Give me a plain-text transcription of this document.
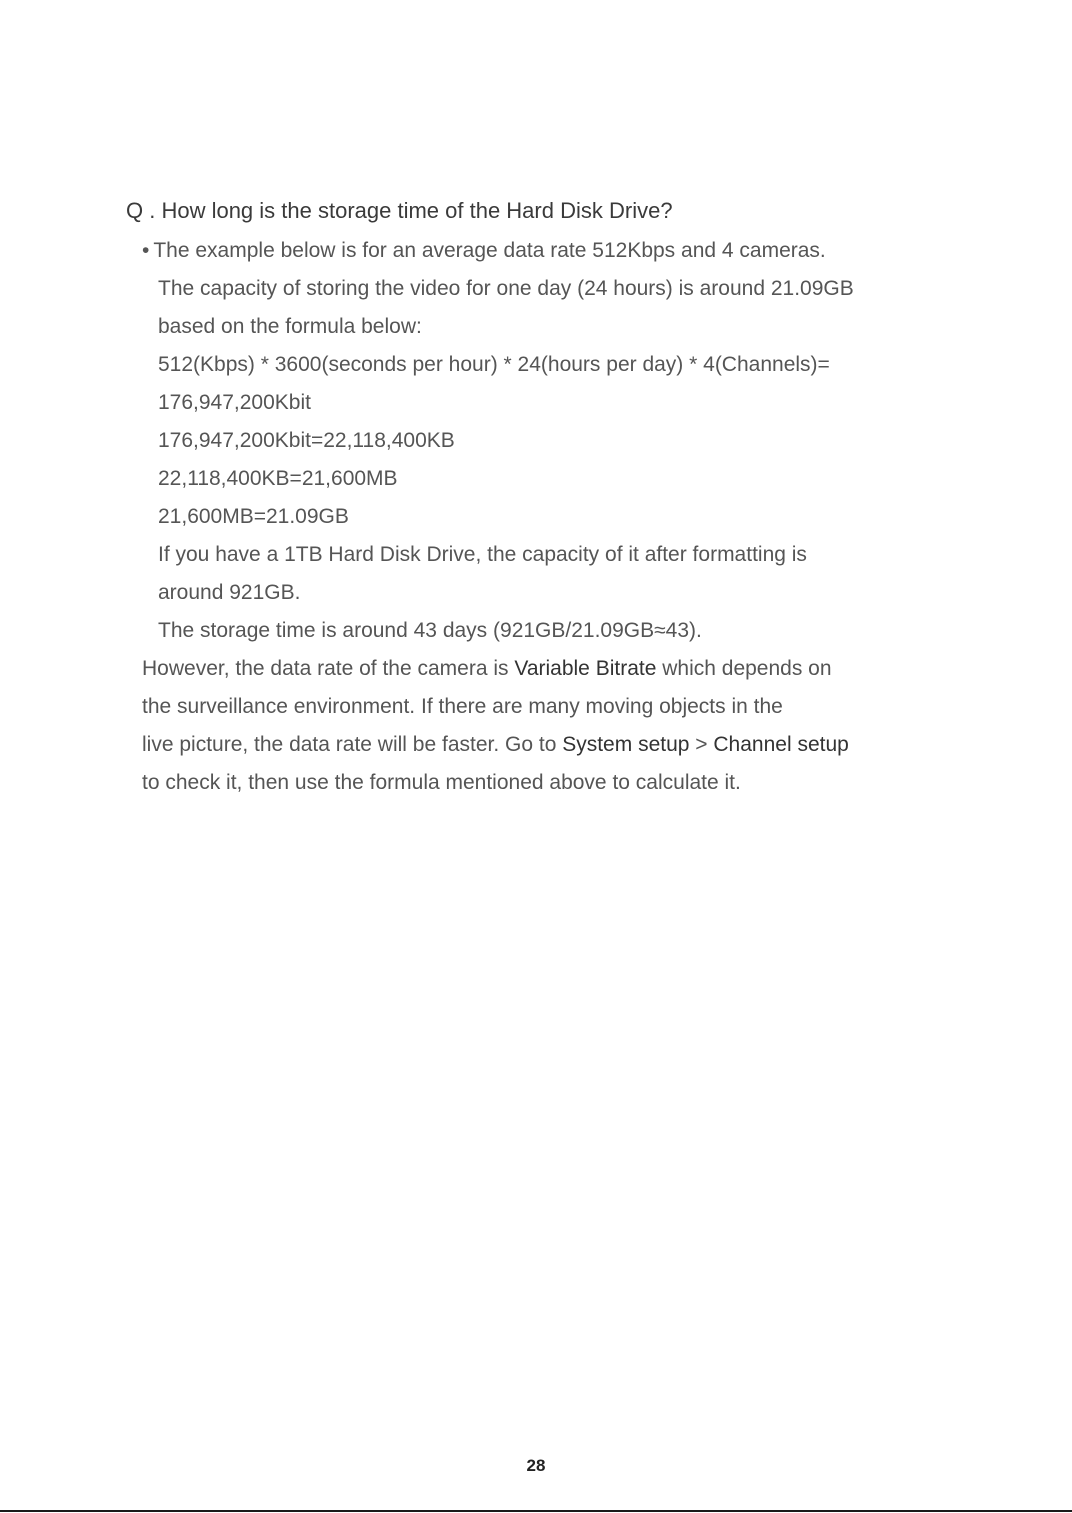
Q . How long is the storage time of the Hard Disk Drive?
• The example below is for an average data rate 512Kbps and 4 cameras.
The capacity of storing the video for one day (24 hours) is around 21.09GB
based on the formula below:
512(Kbps) * 3600(seconds per hour) * 24(hours per day) * 4(Channels)=
176,947,200Kbit
176,947,200Kbit=22,118,400KB
22,118,400KB=21,600MB
21,600MB=21.09GB
If you have a 1TB Hard Disk Drive, the capacity of it after formatting is
around 921GB.
The storage time is around 43 days (921GB/21.09GB≈43).
However, the data rate of the camera is Variable Bitrate which depends on
the surveillance environment. If there are many moving objects in the
live picture, the data rate will be faster. Go to System setup > Channel setup
to check it, then use the formula mentioned above to calculate it.
28
